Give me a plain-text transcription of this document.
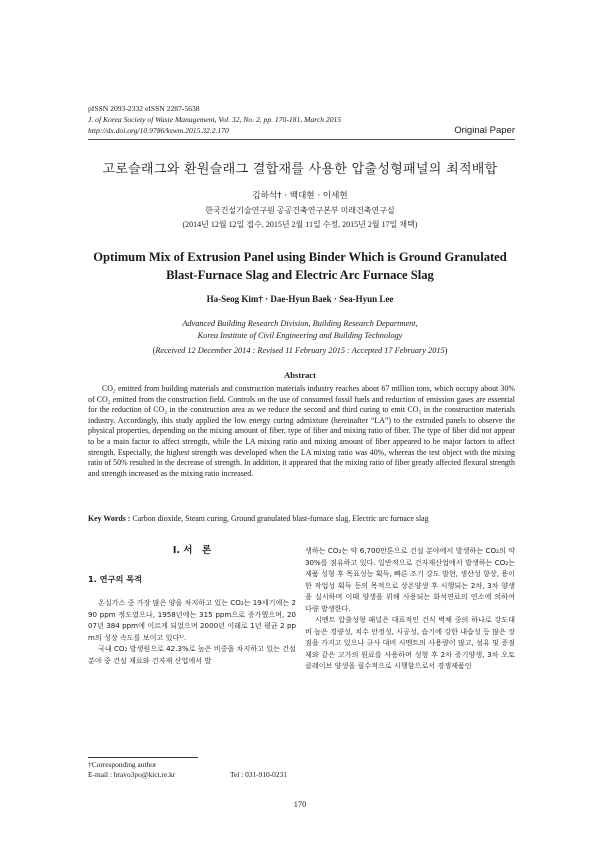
pISSN 2093-2332 eISSN 2287-5638
J. of Korea Society of Waste Management, Vol. 32, No. 2, pp. 170-181, March 2015
http://dx.doi.org/10.9786/kswm.2015.32.2.170	Original Paper
고로슬래그와 환원슬래그 결합재를 사용한 압출성형패널의 최적배합
김하석† · 백대현 · 이세현
한국건설기술연구원 공공건축연구본부 미래건축연구실
(2014년 12월 12일 접수, 2015년 2월 11일 수정, 2015년 2월 17일 채택)
Optimum Mix of Extrusion Panel using Binder Which is Ground Granulated
Blast-Furnace Slag and Electric Arc Furnace Slag
Ha-Seog Kim† · Dae-Hyun Baek · Sea-Hyun Lee
Advanced Building Research Division, Building Research Department,
Korea Institute of Civil Engineering and Building Technology
(Received 12 December 2014 : Revised 11 February 2015 : Accepted 17 February 2015)
Abstract
CO₂ emitted from building materials and construction materials industry reaches about 67 million tons, which occupy about 30% of CO₂ emitted from the construction field. Controls on the use of consumed fossil fuels and reduction of emission gases are essential for the reduction of CO₂ in the construction area as we reduce the second and third curing to emit CO₂ in the construction materials industry. Accordingly, this study applied the low energy curing admixture (hereinafter “LA”) to the extruded panels to observe the physical properties, depending on the mixing amount of fiber, type of fiber and mixing ratio of fiber. The type of fiber did not appear to be a main factor to affect strength, while the LA mixing ratio and mixing amount of fiber appeared to be major factors to affect strength. Especially, the highest strength was developed when the LA mixing ratio was 40%, whereas the test object with the mixing ratio of 50% resulted in the decrease of strength. In addition, it appeared that the mixing ratio of fiber greatly affected flexural strength and strength increased as the mixing ratio increased.
Key Words : Carbon dioxide, Steam curing, Ground granulated blast-furnace slag, Electric arc furnace slag
Ⅰ. 서　론
1. 연구의 목적

온실가스 중 가장 많은 양을 차지하고 있는 CO₂는 19세기에는 290 ppm 정도였으나, 1958년에는 315 ppm으로 증가했으며, 2007년 384 ppm에 이르게 되었으며 2000년 이래로 1년 평균 2 ppm의 성장 속도를 보이고 있다¹⁾.

국내 CO₂ 발생원으로 42.3%로 높은 비중을 차지하고 있는 건설 분야 중 건설 재료와 건자재 산업에서 발

생하는 CO₂는 약 6,700만톤으로 건설 분야에서 발생하는 CO₂의 약 30%를 점유하고 있다. 일반적으로 건자재산업에서 발생하는 CO₂는 제품 성형 후 목표성능 획득, 빠른 조기 강도 발현, 생산성 향상, 용이한 작업성 획득 등의 목적으로 상온양생 후 시행되는 2차, 3차 양생을 실시하며 이때 양생을 위해 사용되는 화석연료의 연소에 의하여 다량 발생한다.

시멘트 압출성형 패널은 대표적인 건식 벽체 중의 하나로 강도대비 높은 경량성, 치수 안정성, 시공성, 습기에 강한 내습성 등 많은 장점을 가지고 있으나 규사 대비 시멘트의 사용량이 많고, 섬유 및 증점제와 같은 고가의 원료를 사용하며 성형 후 2차 증기양생, 3차 오토클레이브 양생을 필수적으로 시행함으로서 경쟁제품인

†Corresponding author
E-mail : bravo3po@kict.re.kr	Tel : 031-910-0231
170
